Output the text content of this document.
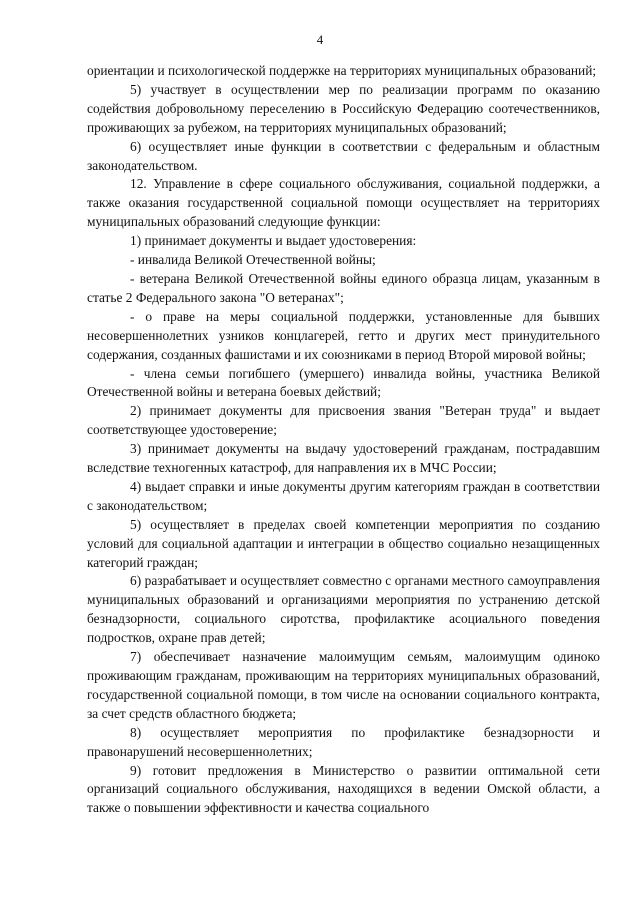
4

ориентации и психологической поддержке на территориях муниципальных образований;

5) участвует в осуществлении мер по реализации программ по оказанию содействия добровольному переселению в Российскую Федерацию соотечественников, проживающих за рубежом, на территориях муниципальных образований;

6) осуществляет иные функции в соответствии с федеральным и областным законодательством.

12. Управление в сфере социального обслуживания, социальной поддержки, а также оказания государственной социальной помощи осуществляет на территориях муниципальных образований следующие функции:

1) принимает документы и выдает удостоверения:

- инвалида Великой Отечественной войны;

- ветерана Великой Отечественной войны единого образца лицам, указанным в статье 2 Федерального закона "О ветеранах";

- о праве на меры социальной поддержки, установленные для бывших несовершеннолетних узников концлагерей, гетто и других мест принудительного содержания, созданных фашистами и их союзниками в период Второй мировой войны;

- члена семьи погибшего (умершего) инвалида войны, участника Великой Отечественной войны и ветерана боевых действий;

2) принимает документы для присвоения звания "Ветеран труда" и выдает соответствующее удостоверение;

3) принимает документы на выдачу удостоверений гражданам, пострадавшим вследствие техногенных катастроф, для направления их в МЧС России;

4) выдает справки и иные документы другим категориям граждан в соответствии с законодательством;

5) осуществляет в пределах своей компетенции мероприятия по созданию условий для социальной адаптации и интеграции в общество социально незащищенных категорий граждан;

6) разрабатывает и осуществляет совместно с органами местного самоуправления муниципальных образований и организациями мероприятия по устранению детской безнадзорности, социального сиротства, профилактике асоциального поведения подростков, охране прав детей;

7) обеспечивает назначение малоимущим семьям, малоимущим одиноко проживающим гражданам, проживающим на территориях муниципальных образований, государственной социальной помощи, в том числе на основании социального контракта, за счет средств областного бюджета;

8) осуществляет мероприятия по профилактике безнадзорности и правонарушений несовершеннолетних;

9) готовит предложения в Министерство о развитии оптимальной сети организаций социального обслуживания, находящихся в ведении Омской области, а также о повышении эффективности и качества социального
